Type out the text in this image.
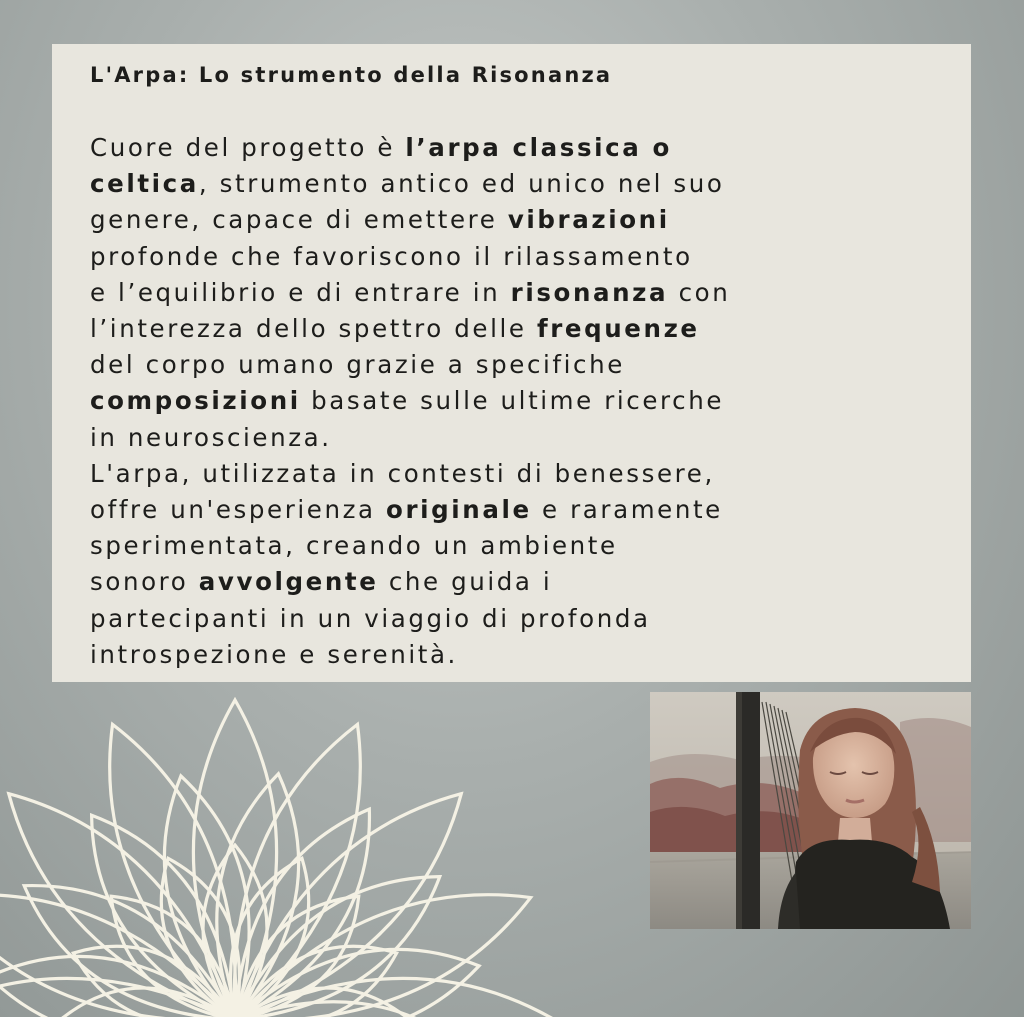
L'Arpa: Lo strumento della Risonanza
Cuore del progetto è l’arpa classica o
celtica, strumento antico ed unico nel suo
genere, capace di emettere vibrazioni
profonde che favoriscono il rilassamento
e l’equilibrio e di entrare in risonanza con
l’interezza dello spettro delle frequenze
del corpo umano grazie a specifiche
composizioni basate sulle ultime ricerche
in neuroscienza.
L'arpa, utilizzata in contesti di benessere,
offre un'esperienza originale e raramente
sperimentata, creando un ambiente
sonoro avvolgente che guida i
partecipanti in un viaggio di profonda
introspezione e serenità.
